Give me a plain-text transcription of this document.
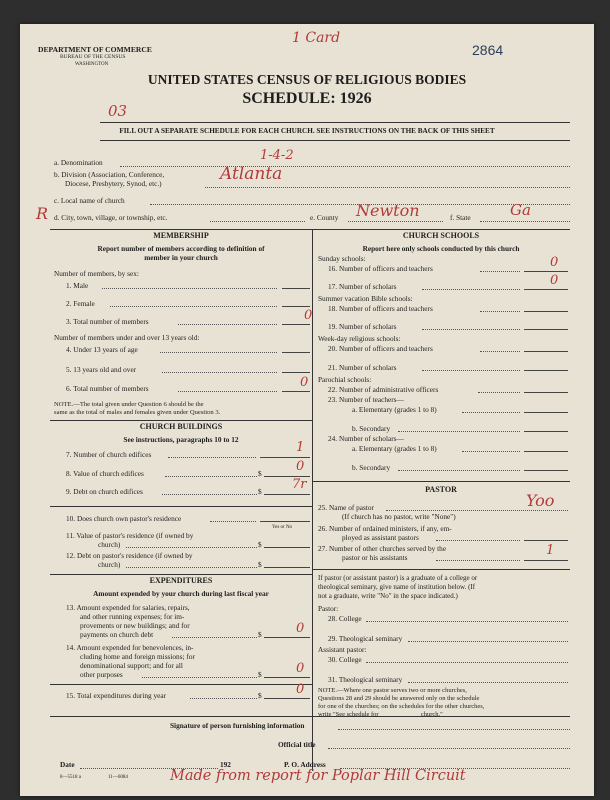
DEPARTMENT OF COMMERCE
BUREAU OF THE CENSUS
WASHINGTON
1 Card
2864
UNITED STATES CENSUS OF RELIGIOUS BODIES
SCHEDULE: 1926
03
FILL OUT A SEPARATE SCHEDULE FOR EACH CHURCH. SEE INSTRUCTIONS ON THE BACK OF THIS SHEET
a. Denomination	1-4-2
b. Division (Association, Conference,
Diocese, Presbytery, Synod, etc.)	Atlanta
c. Local name of church
R d. City, town, village, or township, etc.	e. County Newton	f. State	Ga
MEMBERSHIP
Report number of members according to definition of
member in your church
Number of members, by sex:
1. Male
2. Female
3. Total number of members	0
Number of members under and over 13 years old:
4. Under 13 years of age
5. 13 years old and over
6. Total number of members	0
NOTE.—The total given under Question 6 should be the
same as the total of males and females given under Question 3.
CHURCH BUILDINGS
See instructions, paragraphs 10 to 12
7. Number of church edifices	1
8. Value of church edifices	$	0
9. Debt on church edifices	$ 7r
10. Does church own pastor's residence
Yes or No
11. Value of pastor's residence (if owned by
church)	$
12. Debt on pastor's residence (if owned by
church)	$
EXPENDITURES
Amount expended by your church during last fiscal year
13. Amount expended for salaries, repairs,
and other running expenses; for im-
provements or new buildings; and for
payments on church debt	$	0
14. Amount expended for benevolences, in-
cluding home and foreign missions; for
denominational support; and for all
other purposes	$	0
15. Total expenditures during year	$	0
CHURCH SCHOOLS
Report here only schools conducted by this church
Sunday schools:
16. Number of officers and teachers	0
17. Number of scholars	0
Summer vacation Bible schools:
18. Number of officers and teachers
19. Number of scholars
Week-day religious schools:
20. Number of officers and teachers
21. Number of scholars
Parochial schools:
22. Number of administrative officers
23. Number of teachers—
a. Elementary (grades 1 to 8)
b. Secondary
24. Number of scholars—
a. Elementary (grades 1 to 8)
b. Secondary
PASTOR
25. Name of pastor	Yoo
(If church has no pastor, write "None")
26. Number of ordained ministers, if any, em-
ployed as assistant pastors
27. Number of other churches served by the
pastor or his assistants	1
If pastor (or assistant pastor) is a graduate of a college or
theological seminary, give name of institution below. (If
not a graduate, write "No" in the space indicated.)
Pastor:
28. College
29. Theological seminary
Assistant pastor:
30. College
31. Theological seminary
NOTE.—Where one pastor serves two or more churches,
Questions 28 and 29 should be answered only on the schedule
for one of the churches; on the schedules for the other churches,
write "See schedule for ____________ church."
Signature of person furnishing information
Official title
Date	192	P. O. Address
Made from report for Poplar Hill Circuit
8—5518 a	11—6084
